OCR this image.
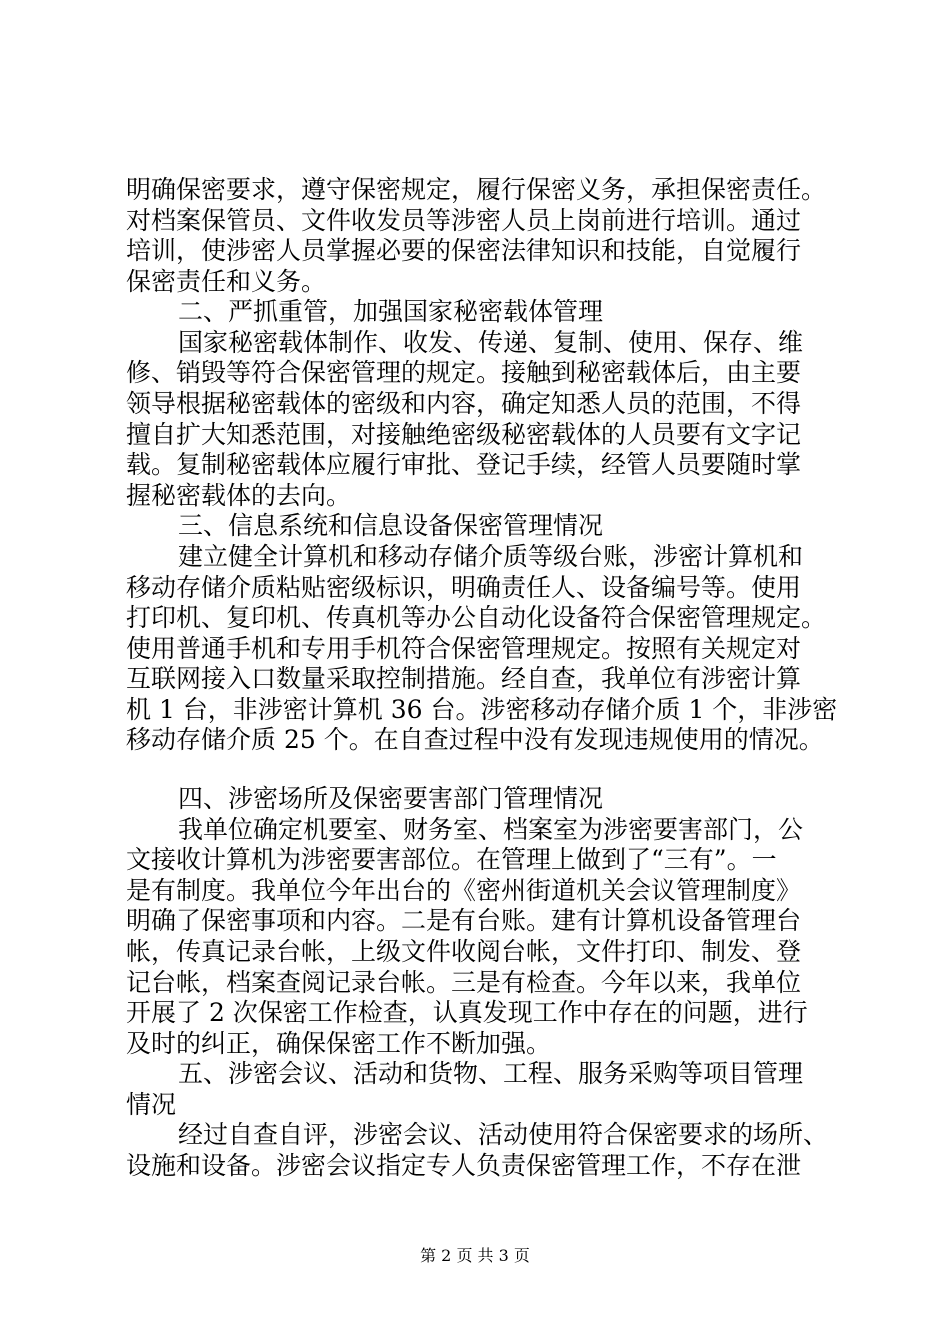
明确保密要求，遵守保密规定，履行保密义务，承担保密责任。
对档案保管员、文件收发员等涉密人员上岗前进行培训。通过
培训，使涉密人员掌握必要的保密法律知识和技能，自觉履行
保密责任和义务。
二、严抓重管，加强国家秘密载体管理
国家秘密载体制作、收发、传递、复制、使用、保存、维
修、销毁等符合保密管理的规定。接触到秘密载体后，由主要
领导根据秘密载体的密级和内容，确定知悉人员的范围，不得
擅自扩大知悉范围，对接触绝密级秘密载体的人员要有文字记
载。复制秘密载体应履行审批、登记手续，经管人员要随时掌
握秘密载体的去向。
三、信息系统和信息设备保密管理情况
建立健全计算机和移动存储介质等级台账，涉密计算机和
移动存储介质粘贴密级标识，明确责任人、设备编号等。使用
打印机、复印机、传真机等办公自动化设备符合保密管理规定。
使用普通手机和专用手机符合保密管理规定。按照有关规定对
互联网接入口数量采取控制措施。经自查，我单位有涉密计算
机 1 台，非涉密计算机 36 台。涉密移动存储介质 1 个，非涉密
移动存储介质 25 个。在自查过程中没有发现违规使用的情况。
四、涉密场所及保密要害部门管理情况
我单位确定机要室、财务室、档案室为涉密要害部门，公
文接收计算机为涉密要害部位。在管理上做到了“三有”。一
是有制度。我单位今年出台的《密州街道机关会议管理制度》
明确了保密事项和内容。二是有台账。建有计算机设备管理台
帐，传真记录台帐，上级文件收阅台帐，文件打印、制发、登
记台帐，档案查阅记录台帐。三是有检查。今年以来，我单位
开展了 2 次保密工作检查，认真发现工作中存在的问题，进行
及时的纠正，确保保密工作不断加强。
五、涉密会议、活动和货物、工程、服务采购等项目管理
情况
经过自查自评，涉密会议、活动使用符合保密要求的场所、
设施和设备。涉密会议指定专人负责保密管理工作，不存在泄
第 2 页 共 3 页
